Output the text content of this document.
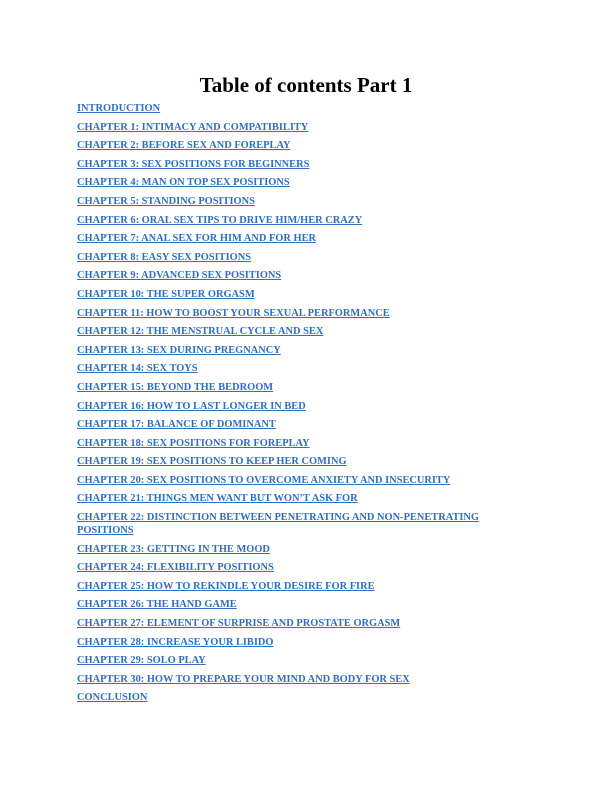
Table of contents Part 1
INTRODUCTION
CHAPTER 1: INTIMACY AND COMPATIBILITY
CHAPTER 2: BEFORE SEX AND FOREPLAY
CHAPTER 3: SEX POSITIONS FOR BEGINNERS
CHAPTER 4: MAN ON TOP SEX POSITIONS
CHAPTER 5: STANDING POSITIONS
CHAPTER 6: ORAL SEX TIPS TO DRIVE HIM/HER CRAZY
CHAPTER 7: ANAL SEX FOR HIM AND FOR HER
CHAPTER 8: EASY SEX POSITIONS
CHAPTER 9: ADVANCED SEX POSITIONS
CHAPTER 10: THE SUPER ORGASM
CHAPTER 11: HOW TO BOOST YOUR SEXUAL PERFORMANCE
CHAPTER 12: THE MENSTRUAL CYCLE AND SEX
CHAPTER 13: SEX DURING PREGNANCY
CHAPTER 14: SEX TOYS
CHAPTER 15: BEYOND THE BEDROOM
CHAPTER 16: HOW TO LAST LONGER IN BED
CHAPTER 17: BALANCE OF DOMINANT
CHAPTER 18: SEX POSITIONS FOR FOREPLAY
CHAPTER 19: SEX POSITIONS TO KEEP HER COMING
CHAPTER 20: SEX POSITIONS TO OVERCOME ANXIETY AND INSECURITY
CHAPTER 21: THINGS MEN WANT BUT WON’T ASK FOR
CHAPTER 22: DISTINCTION BETWEEN PENETRATING AND NON-PENETRATING POSITIONS
CHAPTER 23: GETTING IN THE MOOD
CHAPTER 24: FLEXIBILITY POSITIONS
CHAPTER 25: HOW TO REKINDLE YOUR DESIRE FOR FIRE
CHAPTER 26: THE HAND GAME
CHAPTER 27: ELEMENT OF SURPRISE AND PROSTATE ORGASM
CHAPTER 28: INCREASE YOUR LIBIDO
CHAPTER 29: SOLO PLAY
CHAPTER 30: HOW TO PREPARE YOUR MIND AND BODY FOR SEX
CONCLUSION
